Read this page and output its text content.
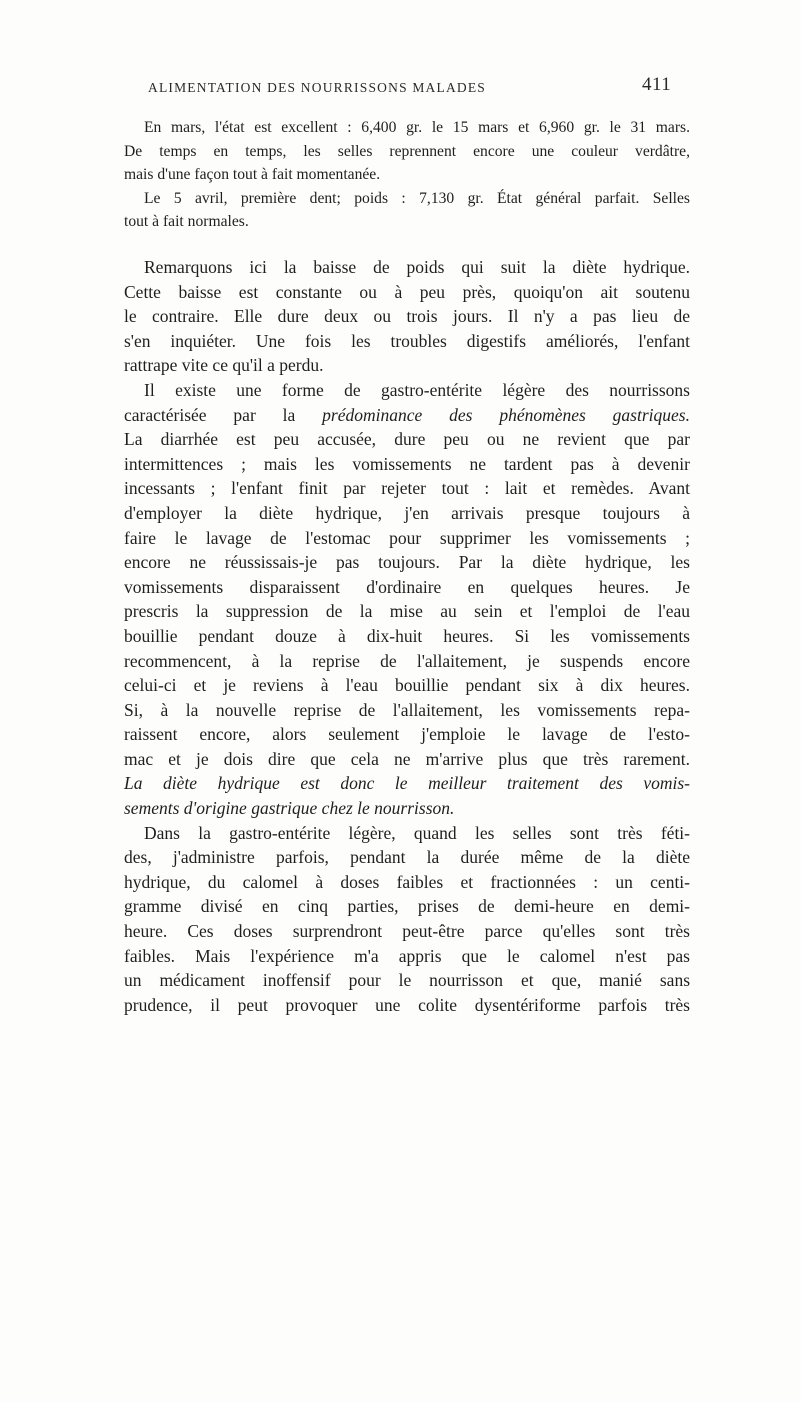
ALIMENTATION DES NOURRISSONS MALADES	411
En mars, l'état est excellent : 6,400 gr. le 15 mars et 6,960 gr. le 31 mars.
De temps en temps, les selles reprennent encore une couleur verdâtre,
mais d'une façon tout à fait momentanée.
Le 5 avril, première dent; poids : 7,130 gr. État général parfait. Selles
tout à fait normales.
Remarquons ici la baisse de poids qui suit la diète hydrique.
Cette baisse est constante ou à peu près, quoiqu'on ait soutenu
le contraire. Elle dure deux ou trois jours. Il n'y a pas lieu de
s'en inquiéter. Une fois les troubles digestifs améliorés, l'enfant
rattrape vite ce qu'il a perdu.
Il existe une forme de gastro-entérite légère des nourrissons
caractérisée par la prédominance des phénomènes gastriques.
La diarrhée est peu accusée, dure peu ou ne revient que par
intermittences ; mais les vomissements ne tardent pas à devenir
incessants ; l'enfant finit par rejeter tout : lait et remèdes. Avant
d'employer la diète hydrique, j'en arrivais presque toujours à
faire le lavage de l'estomac pour supprimer les vomissements ;
encore ne réussissais-je pas toujours. Par la diète hydrique, les
vomissements disparaissent d'ordinaire en quelques heures. Je
prescris la suppression de la mise au sein et l'emploi de l'eau
bouillie pendant douze à dix-huit heures. Si les vomissements
recommencent, à la reprise de l'allaitement, je suspends encore
celui-ci et je reviens à l'eau bouillie pendant six à dix heures.
Si, à la nouvelle reprise de l'allaitement, les vomissements repa-
raissent encore, alors seulement j'emploie le lavage de l'esto-
mac et je dois dire que cela ne m'arrive plus que très rarement.
La diète hydrique est donc le meilleur traitement des vomis-
sements d'origine gastrique chez le nourrisson.
Dans la gastro-entérite légère, quand les selles sont très féti-
des, j'administre parfois, pendant la durée même de la diète
hydrique, du calomel à doses faibles et fractionnées : un centi-
gramme divisé en cinq parties, prises de demi-heure en demi-
heure. Ces doses surprendront peut-être parce qu'elles sont très
faibles. Mais l'expérience m'a appris que le calomel n'est pas
un médicament inoffensif pour le nourrisson et que, manié sans
prudence, il peut provoquer une colite dysentériforme parfois très
